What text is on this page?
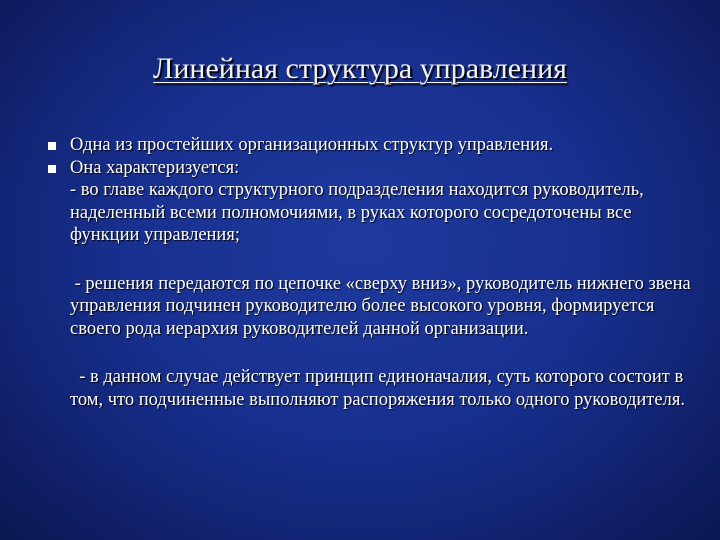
Линейная структура управления
Одна из простейших организационных структур управления.
Она характеризуется:
- во главе каждого структурного подразделения находится руководитель, наделенный всеми полномочиями, в руках которого сосредоточены все функции управления;
- решения передаются по цепочке «сверху вниз», руководитель нижнего звена управления подчинен руководителю более высокого уровня, формируется своего рода иерархия руководителей данной организации.
- в данном случае действует принцип единоначалия, суть которого состоит в том, что подчиненные выполняют распоряжения только одного руководителя.
